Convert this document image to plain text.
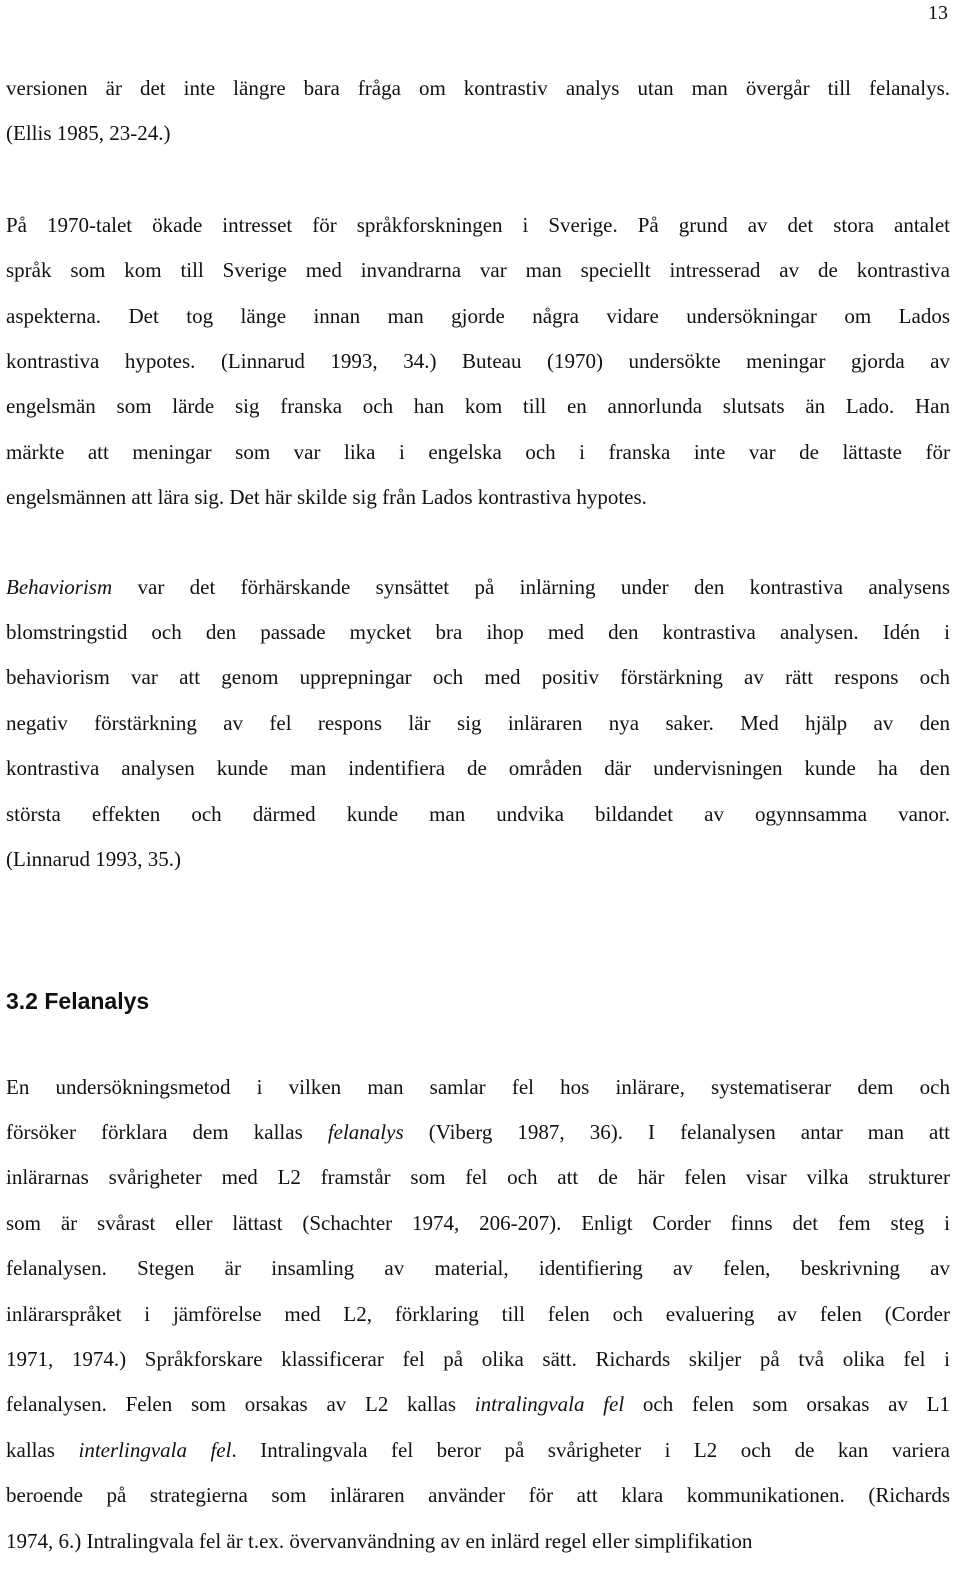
13
versionen är det inte längre bara fråga om kontrastiv analys utan man övergår till felanalys.
(Ellis 1985, 23-24.)
På 1970-talet ökade intresset för språkforskningen i Sverige. På grund av det stora antalet
språk som kom till Sverige med invandrarna var man speciellt intresserad av de kontrastiva
aspekterna. Det tog länge innan man gjorde några vidare undersökningar om Lados
kontrastiva hypotes. (Linnarud 1993, 34.) Buteau (1970) undersökte meningar gjorda av
engelsmän som lärde sig franska och han kom till en annorlunda slutsats än Lado. Han
märkte att meningar som var lika i engelska och i franska inte var de lättaste för
engelsmännen att lära sig. Det här skilde sig från Lados kontrastiva hypotes.
Behaviorism var det förhärskande synsättet på inlärning under den kontrastiva analysens
blomstringstid och den passade mycket bra ihop med den kontrastiva analysen. Idén i
behaviorism var att genom upprepningar och med positiv förstärkning av rätt respons och
negativ förstärkning av fel respons lär sig inläraren nya saker. Med hjälp av den
kontrastiva analysen kunde man indentifiera de områden där undervisningen kunde ha den
största effekten och därmed kunde man undvika bildandet av ogynnsamma vanor.
(Linnarud 1993, 35.)
3.2 Felanalys
En undersökningsmetod i vilken man samlar fel hos inlärare, systematiserar dem och
försöker förklara dem kallas felanalys (Viberg 1987, 36). I felanalysen antar man att
inlärarnas svårigheter med L2 framstår som fel och att de här felen visar vilka strukturer
som är svårast eller lättast (Schachter 1974, 206-207). Enligt Corder finns det fem steg i
felanalysen. Stegen är insamling av material, identifiering av felen, beskrivning av
inlärarspråket i jämförelse med L2, förklaring till felen och evaluering av felen (Corder
1971, 1974.) Språkforskare klassificerar fel på olika sätt. Richards skiljer på två olika fel i
felanalysen. Felen som orsakas av L2 kallas intralingvala fel och felen som orsakas av L1
kallas interlingvala fel. Intralingvala fel beror på svårigheter i L2 och de kan variera
beroende på strategierna som inläraren använder för att klara kommunikationen. (Richards
1974, 6.) Intralingvala fel är t.ex. övervanvändning av en inlärd regel eller simplifikation
